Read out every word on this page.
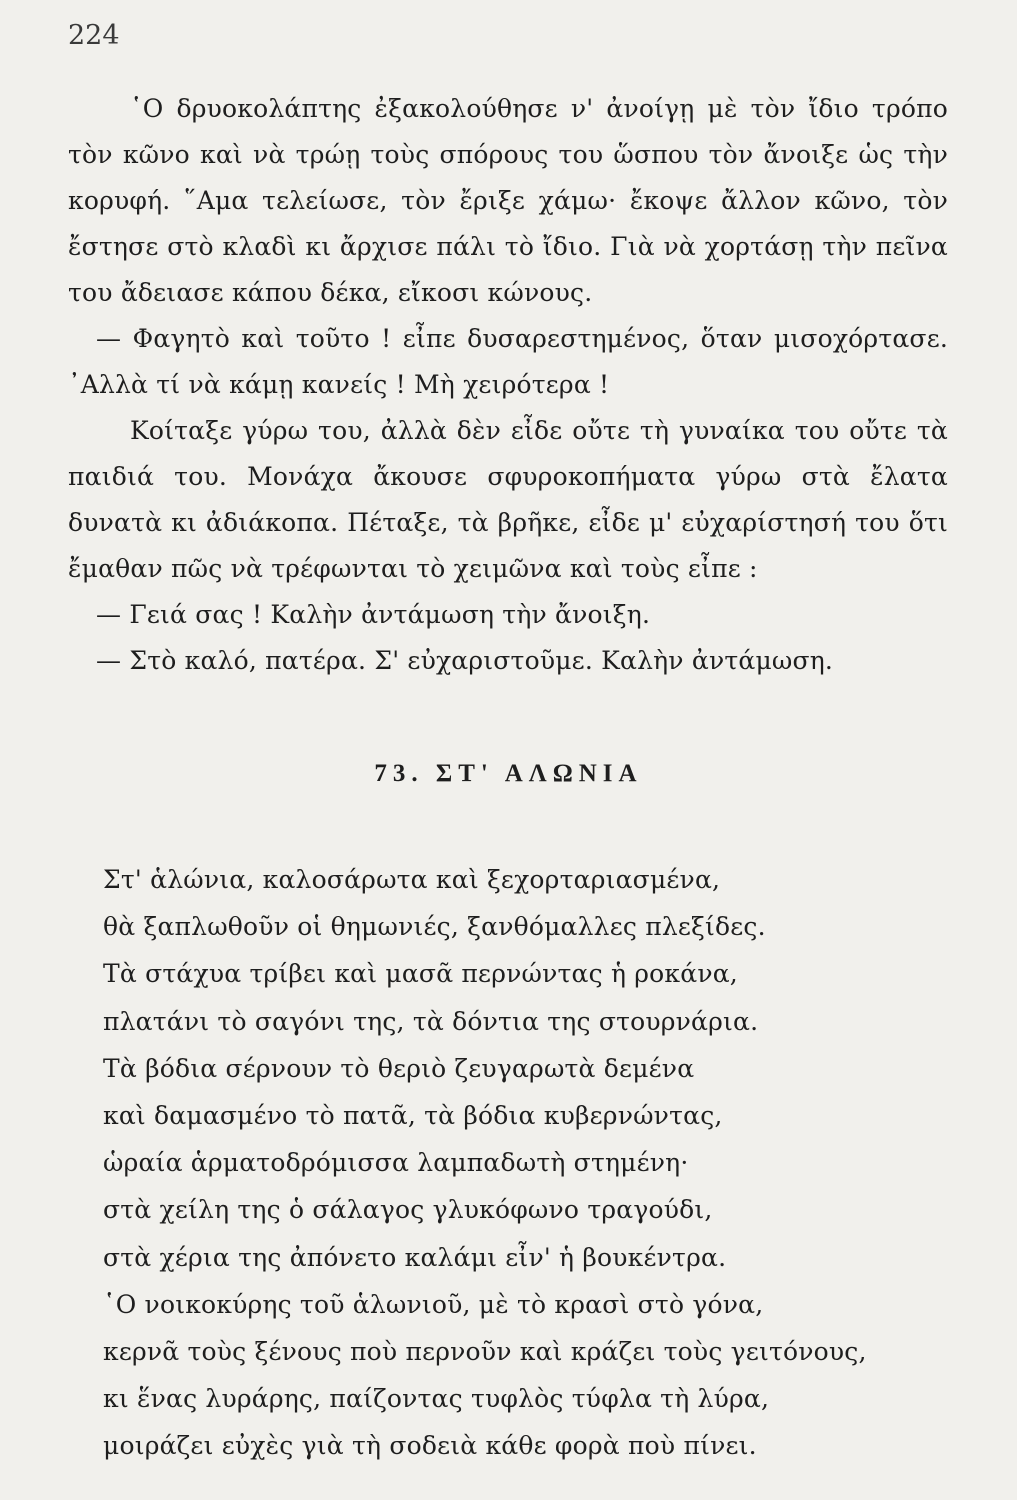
224

῾Ο δρυοκολάπτης ἐξακολούθησε ν' ἀνοίγῃ μὲ τὸν ἴδιο τρόπο τὸν κῶνο καὶ νὰ τρώῃ τοὺς σπόρους του ὥσπου τὸν ἄνοιξε ὡς τὴν κορυφή. ῞Αμα τελείωσε, τὸν ἔριξε χάμω· ἔκοψε ἄλλον κῶνο, τὸν ἔστησε στὸ κλαδὶ κι ἄρχισε πάλι τὸ ἴδιο. Γιὰ νὰ χορτάσῃ τὴν πεῖνα του ἄδειασε κάπου δέκα, εἴκοσι κώνους.

— Φαγητὸ καὶ τοῦτο ! εἶπε δυσαρεστημένος, ὅταν μισοχόρτασε. ᾿Αλλὰ τί νὰ κάμῃ κανείς ! Μὴ χειρότερα !

Κοίταξε γύρω του, ἀλλὰ δὲν εἶδε οὔτε τὴ γυναίκα του οὔτε τὰ παιδιά του. Μονάχα ἄκουσε σφυροκοπήματα γύρω στὰ ἔλατα δυνατὰ κι ἀδιάκοπα. Πέταξε, τὰ βρῆκε, εἶδε μ' εὐχαρίστησή του ὅτι ἔμαθαν πῶς νὰ τρέφωνται τὸ χειμῶνα καὶ τοὺς εἶπε :

— Γειά σας ! Καλὴν ἀντάμωση τὴν ἄνοιξη.

— Στὸ καλό, πατέρα. Σ' εὐχαριστοῦμε. Καλὴν ἀντάμωση.

73. ΣΤ' ΑΛΩΝΙΑ
Στ' ἁλώνια, καλοσάρωτα καὶ ξεχορταριασμένα,
θὰ ξαπλωθοῦν οἱ θημωνιές, ξανθόμαλλες πλεξίδες.
Τὰ στάχυα τρίβει καὶ μασᾶ περνώντας ἡ ροκάνα,
πλατάνι τὸ σαγόνι της, τὰ δόντια της στουρνάρια.
Τὰ βόδια σέρνουν τὸ θεριὸ ζευγαρωτὰ δεμένα
καὶ δαμασμένο τὸ πατᾶ, τὰ βόδια κυβερνώντας,
ὡραία ἁρματοδρόμισσα λαμπαδωτὴ στημένη·
στὰ χείλη της ὁ σάλαγος γλυκόφωνο τραγούδι,
στὰ χέρια της ἀπόνετο καλάμι εἶν' ἡ βουκέντρα.
῾Ο νοικοκύρης τοῦ ἁλωνιοῦ, μὲ τὸ κρασὶ στὸ γόνα,
κερνᾶ τοὺς ξένους ποὺ περνοῦν καὶ κράζει τοὺς γειτόνους,
κι ἕνας λυράρης, παίζοντας τυφλὸς τύφλα τὴ λύρα,
μοιράζει εὐχὲς γιὰ τὴ σοδειὰ κάθε φορὰ ποὺ πίνει.
